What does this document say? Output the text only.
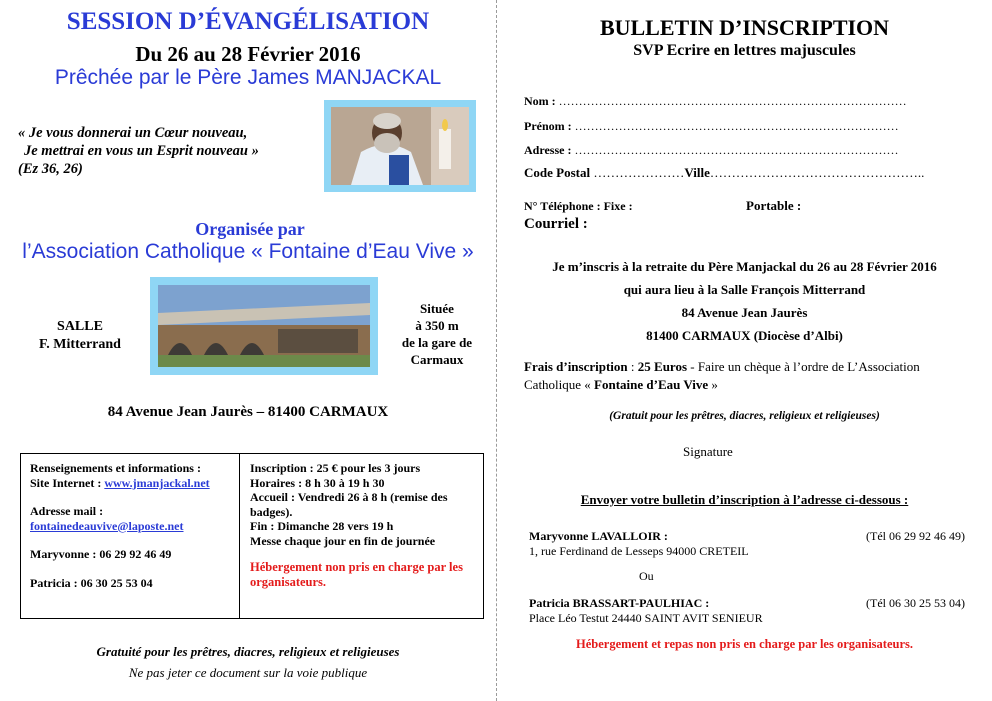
SESSION D’ÉVANGÉLISATION
Du 26 au 28 Février 2016
Prêchée par le Père James MANJACKAL
« Je vous donnerai un Cœur nouveau,
Je mettrai en vous un Esprit nouveau »
(Ez 36, 26)
Organisée par
l’Association Catholique « Fontaine d’Eau Vive »
SALLE
F. Mitterrand
Située
à 350 m
de la gare de
Carmaux
84 Avenue Jean Jaurès – 81400 CARMAUX
Renseignements et informations :
Site Internet : www.jmanjackal.net
Adresse mail :
fontainedeauvive@laposte.net
Maryvonne : 06 29 92 46 49
Patricia : 06 30 25 53 04
Inscription : 25 € pour les 3 jours
Horaires : 8 h 30 à 19 h 30
Accueil : Vendredi 26 à 8 h (remise des badges).
Fin : Dimanche 28 vers 19 h
Messe chaque jour en fin de journée
Hébergement non pris en charge par les organisateurs.
Gratuité pour les prêtres, diacres, religieux et religieuses
Ne pas jeter ce document sur la voie publique
BULLETIN D’INSCRIPTION
SVP Ecrire en lettres majuscules
Nom : ……………………………………………………………………………
Prénom : ………………………………………………………………………
Adresse : ………………………………………………………………………
Code Postal …………………Ville…………………………………………..
N° Téléphone : Fixe :	Portable :
Courriel :
Je m’inscris à la retraite du Père Manjackal du 26 au 28 Février 2016
qui aura lieu à la Salle François Mitterrand
84 Avenue Jean Jaurès
81400 CARMAUX (Diocèse d’Albi)
Frais d’inscription : 25 Euros - Faire un chèque à l’ordre de L’Association Catholique « Fontaine d’Eau Vive »
(Gratuit pour les prêtres, diacres, religieux et religieuses)
Signature
Envoyer votre bulletin d’inscription à l’adresse ci-dessous :
Maryvonne LAVALLOIR :	(Tél 06 29 92 46 49)
1, rue Ferdinand de Lesseps 94000 CRETEIL
Ou
Patricia BRASSART-PAULHIAC :	(Tél 06 30 25 53 04)
Place Léo Testut 24440 SAINT AVIT SENIEUR
Hébergement et repas non pris en charge par les organisateurs.
